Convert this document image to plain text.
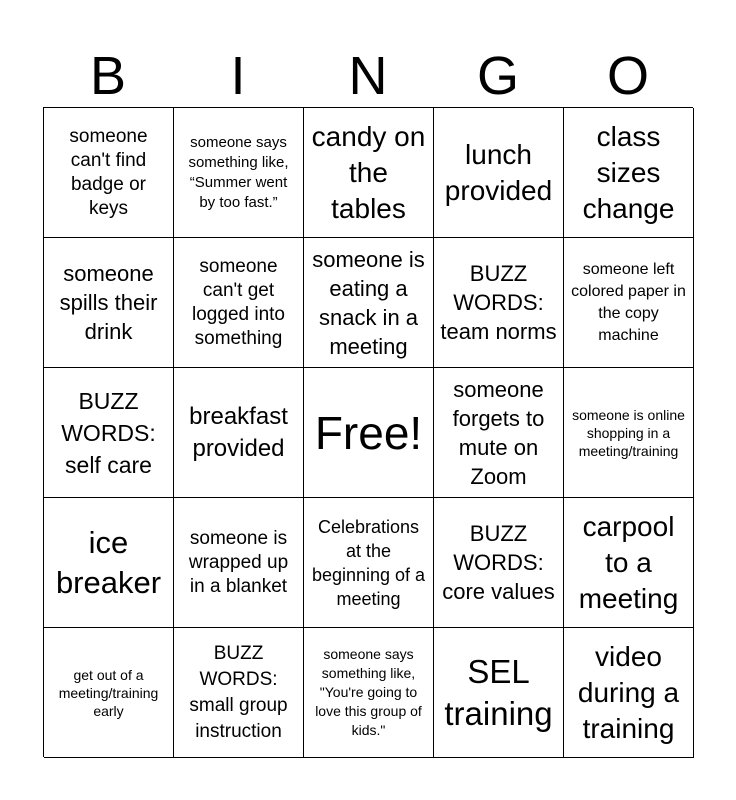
B	I	N	G	O
someone can't find badge or keys
someone says something like, “Summer went by too fast.”
candy on the tables
lunch provided
class sizes change
someone spills their drink
someone can't get logged into something
someone is eating a snack in a meeting
BUZZ WORDS: team norms
someone left colored paper in the copy machine
BUZZ WORDS: self care
breakfast provided Free!
someone forgets to mute on Zoom
someone is online shopping in a meeting/training
ice breaker
someone is wrapped up in a blanket
Celebrations at the beginning of a meeting
BUZZ WORDS: core values
carpool to a meeting
get out of a meeting/training early
BUZZ WORDS: small group instruction
someone says something like, "You're going to love this group of kids."
SEL training
video during a training
